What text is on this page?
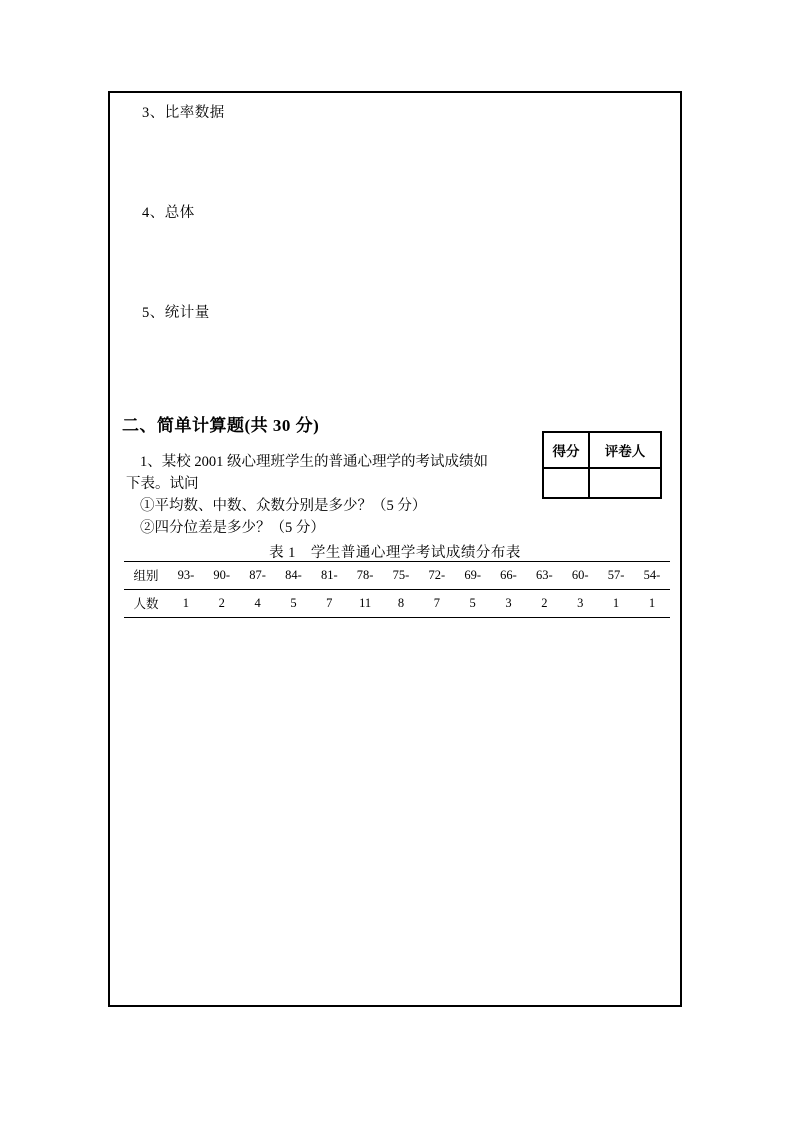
3、比率数据
4、总体
5、统计量
二、简单计算题(共 30 分)
得分	评卷人
1、某校 2001 级心理班学生的普通心理学的考试成绩如
下表。试问
①平均数、中数、众数分别是多少？（5 分）
②四分位差是多少？（5 分）
表 1　学生普通心理学考试成绩分布表
组别	93-	90-	87-	84-	81-	78-	75-	72-	69-	66-	63-	60-	57-	54-
人数	1	2	4	5	7	11	8	7	5	3	2	3	1	1
